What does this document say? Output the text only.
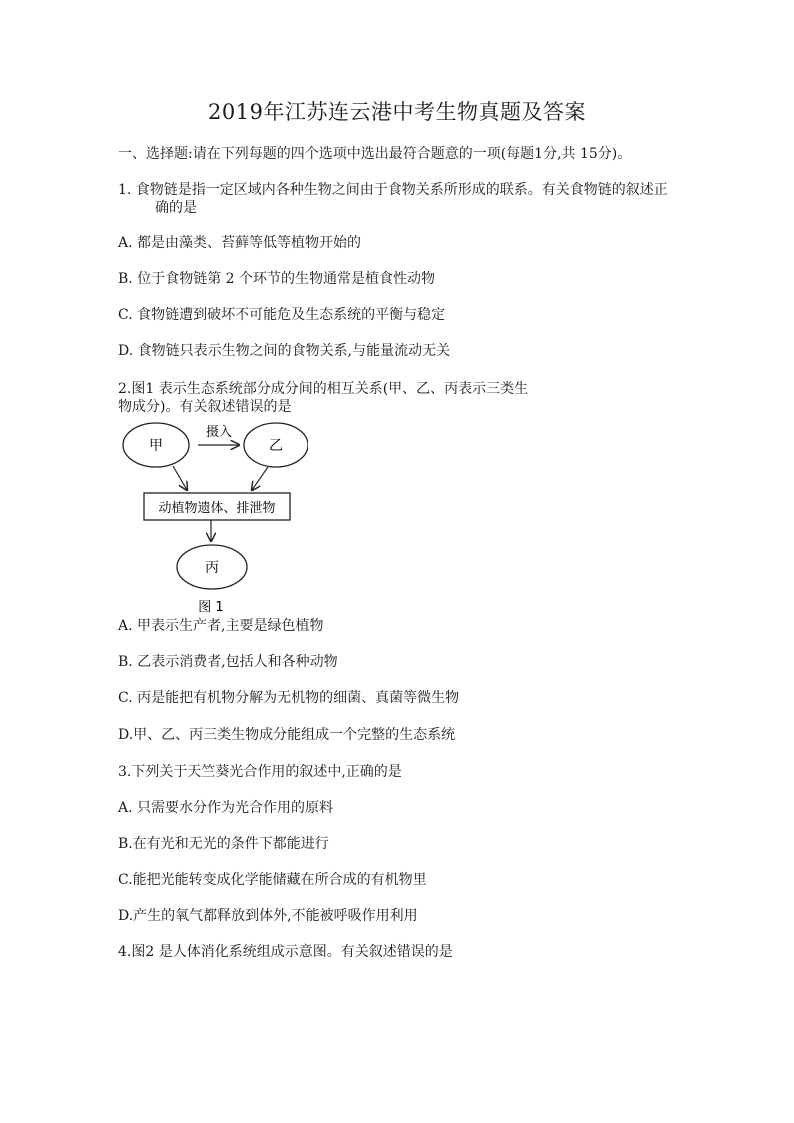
2019年江苏连云港中考生物真题及答案
一、选择题:请在下列每题的四个选项中选出最符合题意的一项(每题1分,共 15分)。
1. 食物链是指一定区域内各种生物之间由于食物关系所形成的联系。有关食物链的叙述正
确的是
A. 都是由藻类、苔藓等低等植物开始的
B. 位于食物链第 2 个环节的生物通常是植食性动物
C. 食物链遭到破坏不可能危及生态系统的平衡与稳定
D. 食物链只表示生物之间的食物关系,与能量流动无关
2.图1 表示生态系统部分成分间的相互关系(甲、乙、丙表示三类生
物成分)。有关叙述错误的是
甲	乙
摄入
动植物遗体、排泄物
丙
图 1
A. 甲表示生产者,主要是绿色植物
B. 乙表示消费者,包括人和各种动物
C. 丙是能把有机物分解为无机物的细菌、真菌等微生物
D.甲、乙、丙三类生物成分能组成一个完整的生态系统
3.下列关于天竺葵光合作用的叙述中,正确的是
A. 只需要水分作为光合作用的原料
B.在有光和无光的条件下都能进行
C.能把光能转变成化学能储藏在所合成的有机物里
D.产生的氧气都释放到体外,不能被呼吸作用利用
4.图2 是人体消化系统组成示意图。有关叙述错误的是
